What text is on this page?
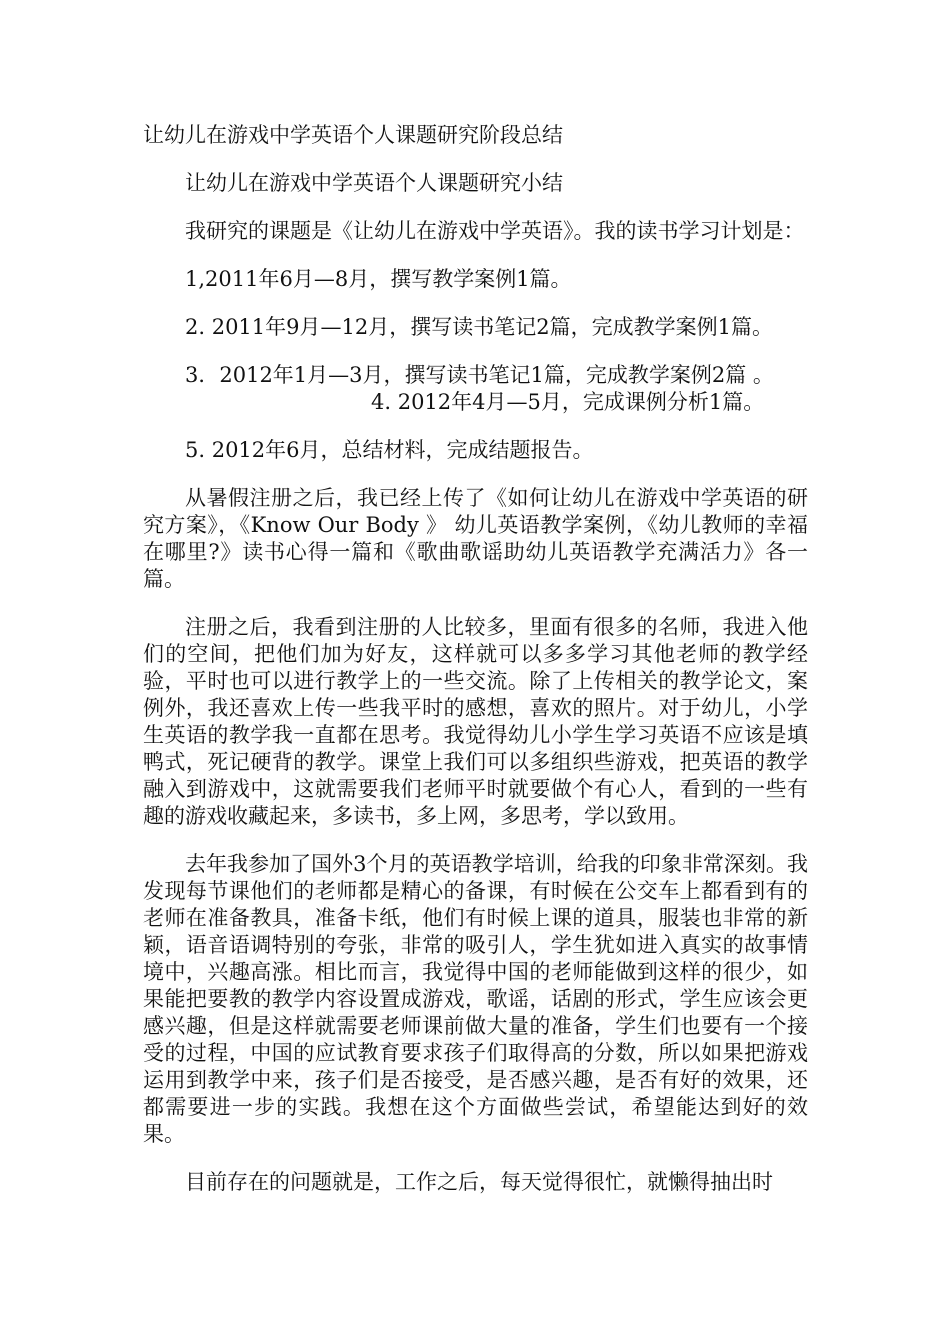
让幼儿在游戏中学英语个人课题研究阶段总结
让幼儿在游戏中学英语个人课题研究小结

我研究的课题是《让幼儿在游戏中学英语》。我的读书学习计划是：

1,2011年6月—8月，撰写教学案例1篇。
2. 2011年9月—12月，撰写读书笔记2篇，完成教学案例1篇。
3．2012年1月—3月，撰写读书笔记1篇，完成教学案例2篇 。
4. 2012年4月—5月，完成课例分析1篇。
5. 2012年6月，总结材料，完成结题报告。

从暑假注册之后，我已经上传了《如何让幼儿在游戏中学英语的研究方案》，《Know Our Body 》 幼儿英语教学案例，《幼儿教师的幸福在哪里?》读书心得一篇和《歌曲歌谣助幼儿英语教学充满活力》各一篇。

注册之后，我看到注册的人比较多，里面有很多的名师，我进入他们的空间，把他们加为好友，这样就可以多多学习其他老师的教学经验，平时也可以进行教学上的一些交流。除了上传相关的教学论文，案例外，我还喜欢上传一些我平时的感想，喜欢的照片。对于幼儿，小学生英语的教学我一直都在思考。我觉得幼儿小学生学习英语不应该是填鸭式，死记硬背的教学。课堂上我们可以多组织些游戏，把英语的教学融入到游戏中，这就需要我们老师平时就要做个有心人，看到的一些有趣的游戏收藏起来，多读书，多上网，多思考，学以致用。

去年我参加了国外3个月的英语教学培训，给我的印象非常深刻。我发现每节课他们的老师都是精心的备课，有时候在公交车上都看到有的老师在准备教具，准备卡纸，他们有时候上课的道具，服装也非常的新颖，语音语调特别的夸张，非常的吸引人，学生犹如进入真实的故事情境中，兴趣高涨。相比而言，我觉得中国的老师能做到这样的很少，如果能把要教的教学内容设置成游戏，歌谣，话剧的形式，学生应该会更感兴趣，但是这样就需要老师课前做大量的准备，学生们也要有一个接受的过程，中国的应试教育要求孩子们取得高的分数，所以如果把游戏运用到教学中来，孩子们是否接受，是否感兴趣，是否有好的效果，还都需要进一步的实践。我想在这个方面做些尝试，希望能达到好的效果。

目前存在的问题就是，工作之后，每天觉得很忙，就懒得抽出时
